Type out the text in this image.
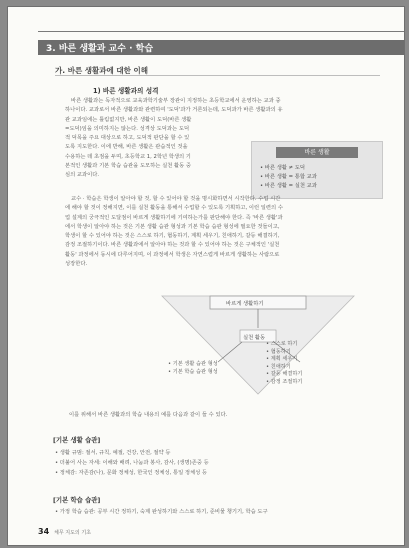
3. 바른 생활과 교수 · 학습
가. 바른 생활과에 대한 이해
1) 바른 생활과의 성격
바른 생활과는 독자적으로 교육과학기술부 장관이 지정하는 초등학교에서 운영하는 교과 중
하나이다. 교과로서 바른 생활과와 관련하여 '도덕'과가 거론되는데, 도덕과가 바른 생활과의 유
관 교과임에는 틀림없지만, 바른 생활이 도덕(바른 생활
=도덕)임을 의미하지는 않는다. 성격상 도덕과는 도덕
적 덕목을 주요 대상으로 하고, 도덕적 판단을 할 수 있
도록 지도한다. 이에 반해, 바른 생활은 관습적인 것을
수용하는 데 초점을 두며, 초등학교 1, 2학년 학생의 기
본적인 생활과 기본 학습 습관을 도모하는 실천 활동 중
심의 교과이다.
바른 생활
• 바른 생활 ≠ 도덕
• 바른 생활 = 통합 교과
• 바른 생활 = 실천 교과
교수 · 학습은 학생이 알아야 할 것, 할 수 있어야 할 것을 명시화하면서 시작한다. 수업 시간
에 해야 할 것이 정해지면, 이를 실천 활동을 통해서 수업할 수 있도록 기획하고, 이런 일련의 수
업 설계의 궁극적인 도달점이 바르게 생활하기에 기여하는가를 판단해야 한다. 즉 '바른 생활'과
에서 학생이 알아야 하는 것은 기본 생활 습관 형성과 기본 학습 습관 형성에 필요한 것들이고,
학생이 할 수 있어야 하는 것은 스스로 하기, 협동하기, 계획 세우기, 친애하기, 갈등 해결하기,
감정 조절하기이다. 바른 생활과에서 알아야 하는 것과 할 수 있어야 하는 것은 구체적인 '실천
활동' 과정에서 동시에 다루어지며, 이 과정에서 학생은 자연스럽게 바르게 생활하는 사람으로
성장한다.
바르게 생활하기
실천 활동
• 기본 생활 습관 형성
• 기본 학습 습관 형성
• 스스로 하기
• 협동하기
• 계획 세우기
• 친애하기
• 갈등 해결하기
• 감정 조절하기
이를 위해서 바른 생활과의 학습 내용의 예를 다음과 같이 들 수 있다.
[기본 생활 습관]
• 생활 규범: 절서, 규칙, 예절, 건강, 안전, 절약 등
• 더불어 사는 자세: 이해와 배려, 나눔과 봉사, 감사, (생명)존중 등
• 정체감: 자존감(나), 문화 정체성, 한국인 정체성, 통일 정체성 등
[기본 학습 습관]
• 가정 학습 습관: 공부 시간 정하기, 숙제 완성하기와 스스로 하기, 준비물 챙기기, 학습 도구
34 체무 지도의 기초
